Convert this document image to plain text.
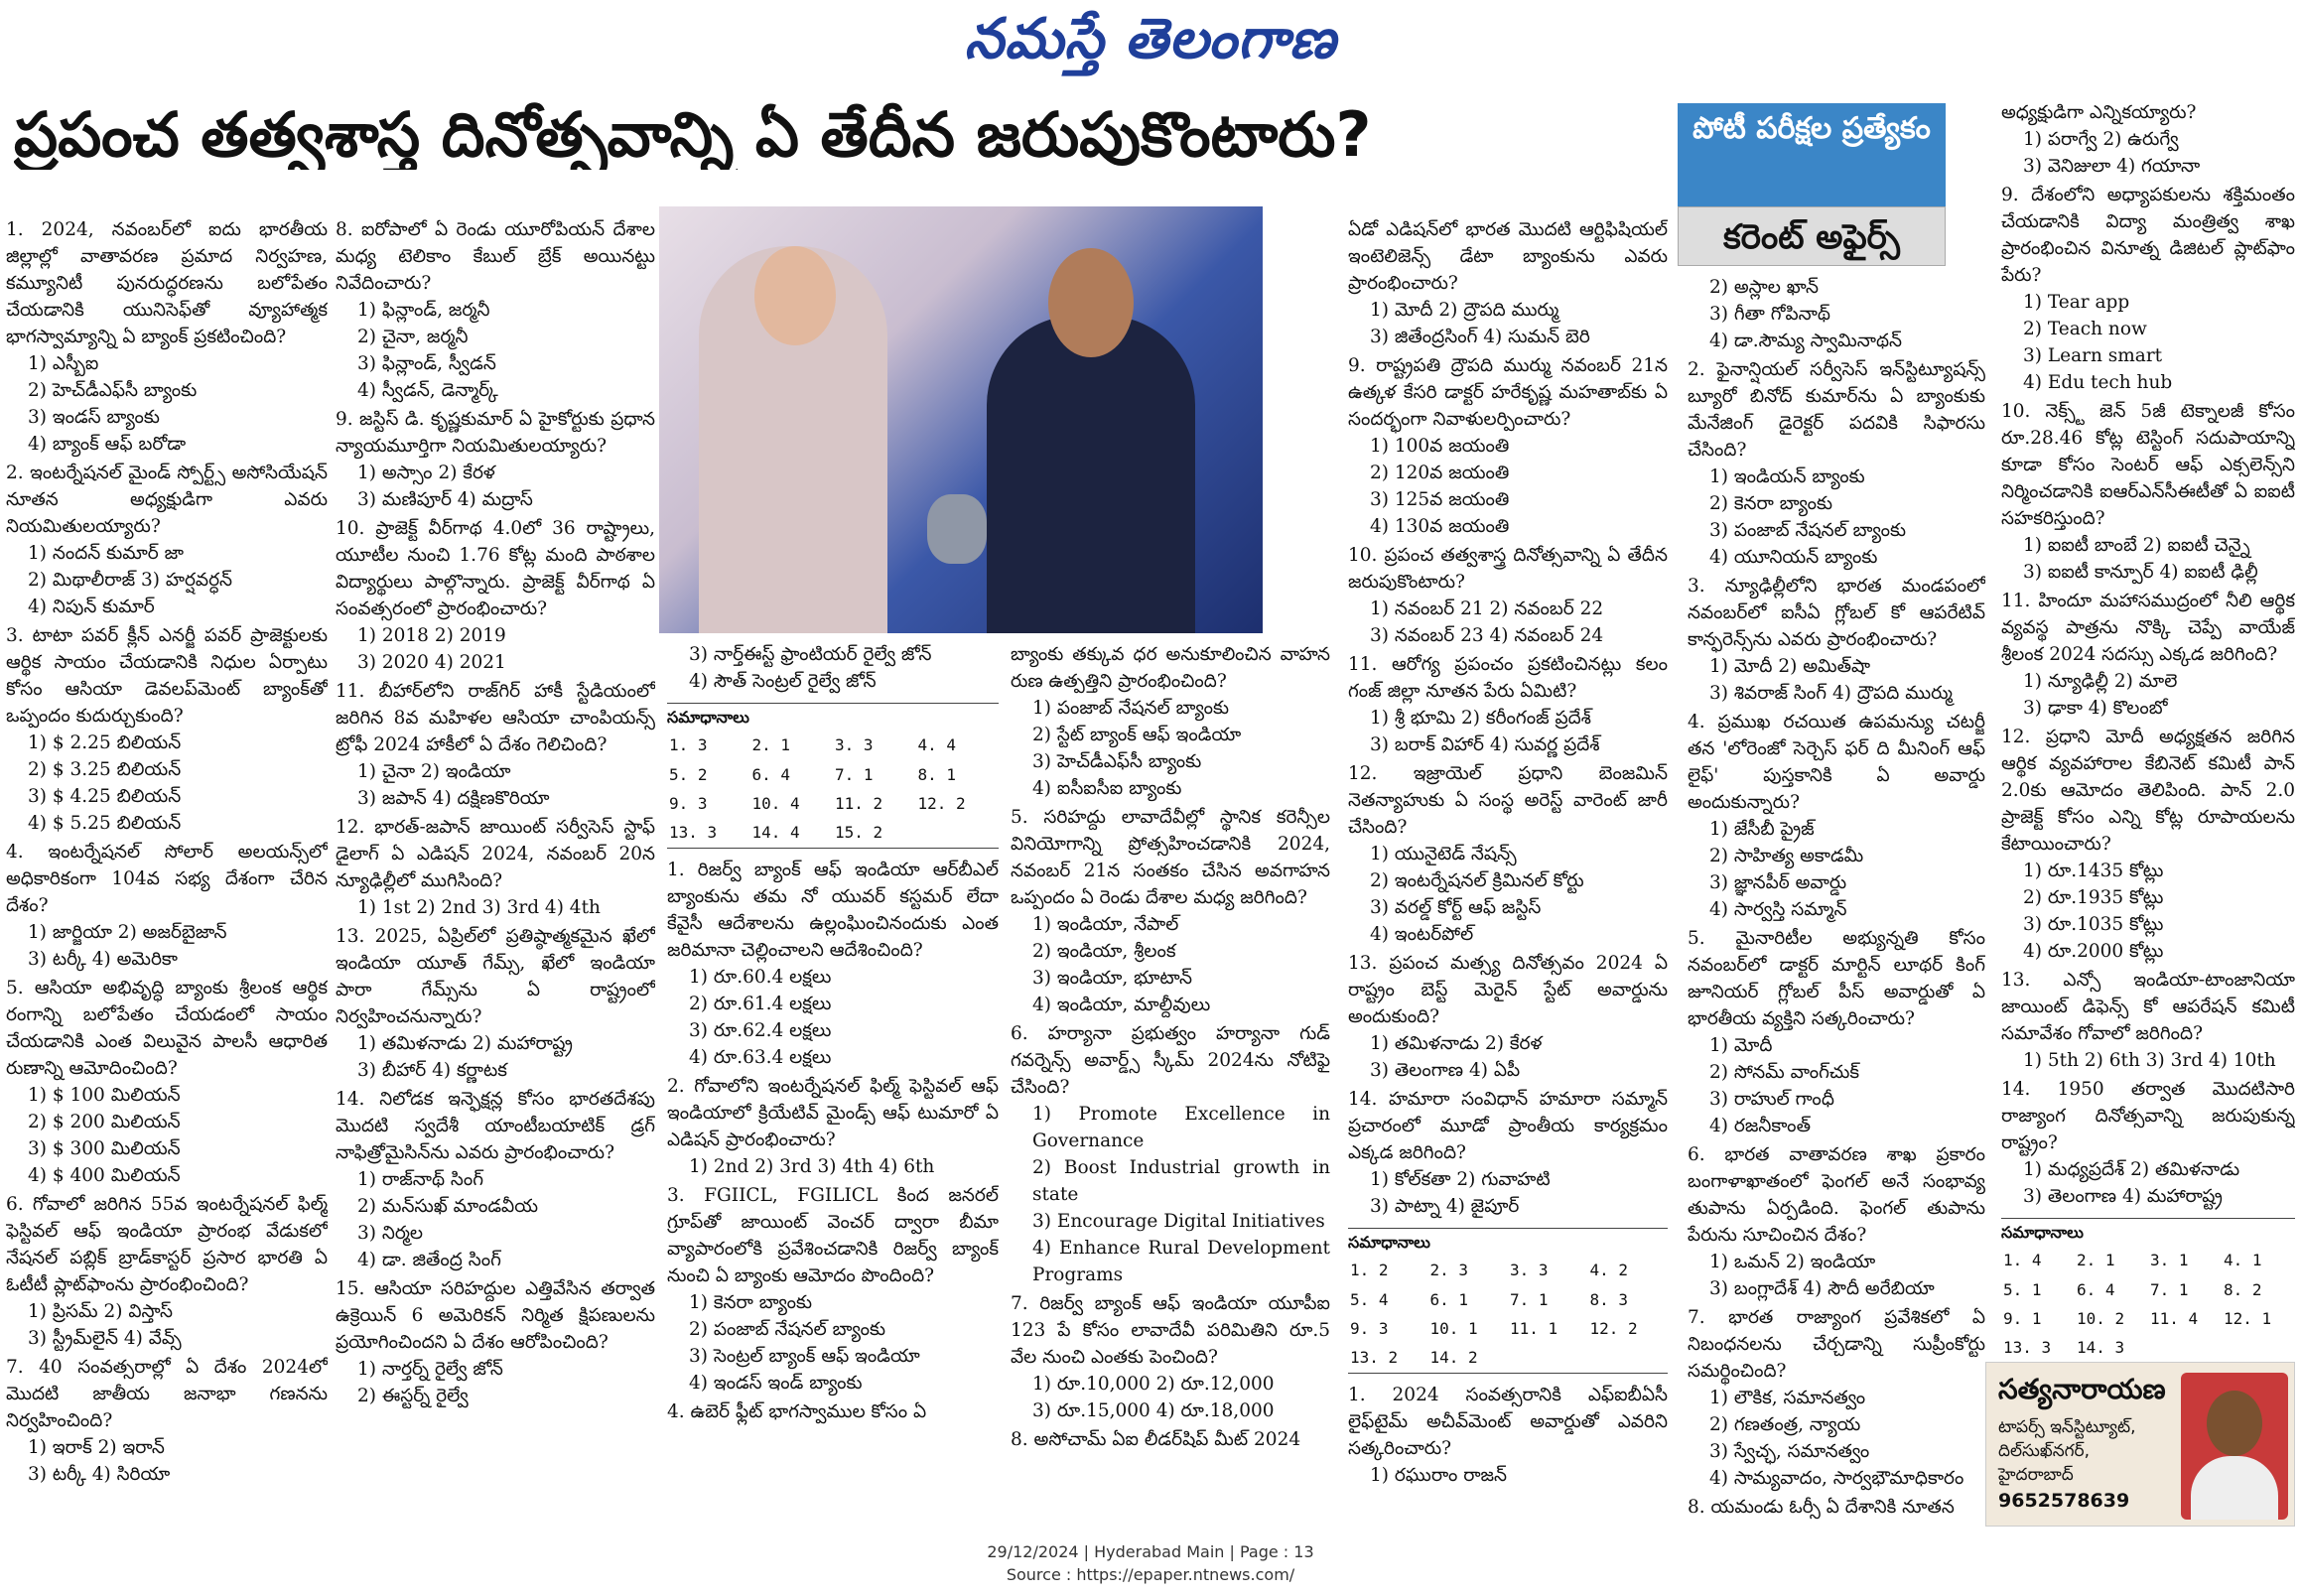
నమస్తే తెలంగాణ
ప్రపంచ తత్వశాస్త్ర దినోత్సవాన్ని ఏ తేదీన జరుపుకొంటారు?	పోటీ పరీక్షల ప్రత్యేకం
కరెంట్ అఫైర్స్
1. 2024, నవంబర్‌లో ఐదు భారతీయ జిల్లాల్లో వాతావరణ ప్రమాద నిర్వహణ, కమ్యూనిటీ పునరుద్ధరణను బలోపేతం చేయడానికి యునిసెఫ్‌తో వ్యూహాత్మక భాగస్వామ్యాన్ని ఏ బ్యాంక్ ప్రకటించింది?
1) ఎస్బీఐ
2) హెచ్‌డీఎఫ్‌సీ బ్యాంకు
3) ఇండస్ బ్యాంకు
4) బ్యాంక్ ఆఫ్ బరోడా
2. ఇంటర్నేషనల్ మైండ్ స్పోర్ట్స్ అసోసియేషన్ నూతన అధ్యక్షుడిగా ఎవరు నియమితులయ్యారు?
1) నందన్ కుమార్ జా
2) మిథాలీరాజ్ 3) హర్షవర్ధన్
4) నిపున్ కుమార్
3. టాటా పవర్ క్లీన్ ఎనర్జీ పవర్ ప్రాజెక్టులకు ఆర్థిక సాయం చేయడానికి నిధుల ఏర్పాటు కోసం ఆసియా డెవలప్‌మెంట్ బ్యాంక్‌తో ఒప్పందం కుదుర్చుకుంది?
1) $ 2.25 బిలియన్
2) $ 3.25 బిలియన్
3) $ 4.25 బిలియన్
4) $ 5.25 బిలియన్
4. ఇంటర్నేషనల్ సోలార్ అలయన్స్‌లో అధికారికంగా 104వ సభ్య దేశంగా చేరిన దేశం?
1) జార్జియా 2) అజర్‌బైజాన్
3) టర్కీ 4) అమెరికా
5. ఆసియా అభివృద్ధి బ్యాంకు శ్రీలంక ఆర్థిక రంగాన్ని బలోపేతం చేయడంలో సాయం చేయడానికి ఎంత విలువైన పాలసీ ఆధారిత రుణాన్ని ఆమోదించింది?
1) $ 100 మిలియన్
2) $ 200 మిలియన్
3) $ 300 మిలియన్
4) $ 400 మిలియన్
6. గోవాలో జరిగిన 55వ ఇంటర్నేషనల్ ఫిల్మ్ ఫెస్టివల్ ఆఫ్ ఇండియా ప్రారంభ వేడుకలో నేషనల్ పబ్లిక్ బ్రాడ్‌కాస్టర్ ప్రసార భారతి ఏ ఓటీటీ ప్లాట్‌ఫాంను ప్రారంభించింది?
1) ప్రిసమ్ 2) విస్తాస్
3) స్ట్రీమ్‌లైన్ 4) వేవ్స్
7. 40 సంవత్సరాల్లో ఏ దేశం 2024లో మొదటి జాతీయ జనాభా గణనను నిర్వహించింది?
1) ఇరాక్ 2) ఇరాన్
3) టర్కీ 4) సిరియా
8. ఐరోపాలో ఏ రెండు యూరోపియన్ దేశాల మధ్య టెలికాం కేబుల్ బ్రేక్ అయినట్టు నివేదించారు?
1) ఫిన్లాండ్, జర్మనీ
2) చైనా, జర్మనీ
3) ఫిన్లాండ్, స్వీడన్
4) స్వీడన్, డెన్మార్క్
9. జస్టిస్ డి. కృష్ణకుమార్ ఏ హైకోర్టుకు ప్రధాన న్యాయమూర్తిగా నియమితులయ్యారు?
1) అస్సాం 2) కేరళ
3) మణిపూర్ 4) మద్రాస్
10. ప్రాజెక్ట్ వీర్‌గాథ 4.0లో 36 రాష్ట్రాలు, యూటీల నుంచి 1.76 కోట్ల మంది పాఠశాల విద్యార్థులు పాల్గొన్నారు. ప్రాజెక్ట్ వీర్‌గాథ ఏ సంవత్సరంలో ప్రారంభించారు?
1) 2018 2) 2019
3) 2020 4) 2021
11. బీహార్‌లోని రాజ్‌గిర్ హాకీ స్టేడియంలో జరిగిన 8వ మహిళల ఆసియా చాంపియన్స్ ట్రోఫీ 2024 హాకీలో ఏ దేశం గెలిచింది?
1) చైనా 2) ఇండియా
3) జపాన్ 4) దక్షిణకొరియా
12. భారత్-జపాన్ జాయింట్ సర్వీసెస్ స్టాఫ్ డైలాగ్ ఏ ఎడిషన్ 2024, నవంబర్ 20న న్యూఢిల్లీలో ముగిసింది?
1) 1st 2) 2nd 3) 3rd 4) 4th
13. 2025, ఏప్రిల్‌లో ప్రతిష్ఠాత్మకమైన ఖేలో ఇండియా యూత్ గేమ్స్, ఖేలో ఇండియా పారా గేమ్స్‌ను ఏ రాష్ట్రంలో నిర్వహించనున్నారు?
1) తమిళనాడు 2) మహారాష్ట్ర
3) బీహార్ 4) కర్ణాటక
14. నిలోడక ఇన్ఫెక్షన్ల కోసం భారతదేశపు మొదటి స్వదేశీ యాంటీబయాటిక్ డ్రగ్ నాఫిత్రోమైసిన్‌ను ఎవరు ప్రారంభించారు?
1) రాజ్‌నాథ్ సింగ్
2) మన్‌సుఖ్ మాండవీయ
3) నిర్మల
4) డా. జితేంద్ర సింగ్
15. ఆసియా సరిహద్దుల ఎత్తివేసిన తర్వాత ఉక్రెయిన్ 6 అమెరికన్ నిర్మిత క్షిపణులను ప్రయోగించిందని ఏ దేశం ఆరోపించింది?
1) నార్తర్న్ రైల్వే జోన్
2) ఈస్టర్న్ రైల్వే
3) నార్త్‌ఈస్ట్ ఫ్రాంటియర్ రైల్వే జోన్
4) సౌత్ సెంట్రల్ రైల్వే జోన్
సమాధానాలు
1. 3	2. 1	3. 3	4. 4
5. 2	6. 4	7. 1	8. 1
9. 3	10. 4	11. 2	12. 2
13. 3	14. 4	15. 2	
1. రిజర్వ్ బ్యాంక్ ఆఫ్ ఇండియా ఆర్‌బీఎల్ బ్యాంకును తమ నో యువర్ కస్టమర్ లేదా కేవైసీ ఆదేశాలను ఉల్లంఘించినందుకు ఎంత జరిమానా చెల్లించాలని ఆదేశించింది?
1) రూ.60.4 లక్షలు
2) రూ.61.4 లక్షలు
3) రూ.62.4 లక్షలు
4) రూ.63.4 లక్షలు
2. గోవాలోని ఇంటర్నేషనల్ ఫిల్మ్ ఫెస్టివల్ ఆఫ్ ఇండియాలో క్రియేటివ్ మైండ్స్ ఆఫ్ టుమారో ఏ ఎడిషన్ ప్రారంభించారు?
1) 2nd 2) 3rd 3) 4th 4) 6th
3. FGIICL, FGILICL కింద జనరల్ గ్రూప్‌తో జాయింట్ వెంచర్ ద్వారా బీమా వ్యాపారంలోకి ప్రవేశించడానికి రిజర్వ్ బ్యాంక్ నుంచి ఏ బ్యాంకు ఆమోదం పొందింది?
1) కెనరా బ్యాంకు
2) పంజాబ్ నేషనల్ బ్యాంకు
3) సెంట్రల్ బ్యాంక్ ఆఫ్ ఇండియా
4) ఇండస్ ఇండ్ బ్యాంకు
4. ఉబెర్ ఫ్లీట్ భాగస్వాముల కోసం ఏ
బ్యాంకు తక్కువ ధర అనుకూలించిన వాహన రుణ ఉత్పత్తిని ప్రారంభించింది?
1) పంజాబ్ నేషనల్ బ్యాంకు
2) స్టేట్ బ్యాంక్ ఆఫ్ ఇండియా
3) హెచ్‌డీఎఫ్‌సీ బ్యాంకు
4) ఐసీఐసీఐ బ్యాంకు
5. సరిహద్దు లావాదేవీల్లో స్థానిక కరెన్సీల వినియోగాన్ని ప్రోత్సహించడానికి 2024, నవంబర్ 21న సంతకం చేసిన అవగాహన ఒప్పందం ఏ రెండు దేశాల మధ్య జరిగింది?
1) ఇండియా, నేపాల్
2) ఇండియా, శ్రీలంక
3) ఇండియా, భూటాన్
4) ఇండియా, మాల్దీవులు
6. హర్యానా ప్రభుత్వం హర్యానా గుడ్ గవర్నెన్స్ అవార్డ్స్ స్కీమ్ 2024ను నోటిఫై చేసింది?
1) Promote Excellence in Governance
2) Boost Industrial growth in state
3) Encourage Digital Initiatives
4) Enhance Rural Development Programs
7. రిజర్వ్ బ్యాంక్ ఆఫ్ ఇండియా యూపీఐ 123 పే కోసం లావాదేవీ పరిమితిని రూ.5 వేల నుంచి ఎంతకు పెంచింది?
1) రూ.10,000 2) రూ.12,000
3) రూ.15,000 4) రూ.18,000
8. అసోచామ్ ఏఐ లీడర్‌షిప్ మీట్ 2024
ఏడో ఎడిషన్‌లో భారత మొదటి ఆర్టిఫిషియల్ ఇంటెలిజెన్స్ డేటా బ్యాంకును ఎవరు ప్రారంభించారు?
1) మోదీ 2) ద్రౌపది ముర్ము
3) జితేంద్రసింగ్ 4) సుమన్ బెరి
9. రాష్ట్రపతి ద్రౌపది ముర్ము నవంబర్ 21న ఉత్కళ కేసరి డాక్టర్ హరేకృష్ణ మహతాబ్‌కు ఏ సందర్భంగా నివాళులర్పించారు?
1) 100వ జయంతి
2) 120వ జయంతి
3) 125వ జయంతి
4) 130వ జయంతి
10. ప్రపంచ తత్వశాస్త్ర దినోత్సవాన్ని ఏ తేదీన జరుపుకొంటారు?
1) నవంబర్ 21 2) నవంబర్ 22
3) నవంబర్ 23 4) నవంబర్ 24
11. ఆరోగ్య ప్రపంచం ప్రకటించినట్లు కలం గంజ్ జిల్లా నూతన పేరు ఏమిటి?
1) శ్రీ భూమి 2) కరీంగంజ్ ప్రదేశ్
3) బరాక్ విహార్ 4) సువర్ణ ప్రదేశ్
12. ఇజ్రాయెల్ ప్రధాని బెంజమిన్ నెతన్యాహుకు ఏ సంస్థ అరెస్ట్ వారెంట్ జారీ చేసింది?
1) యునైటెడ్ నేషన్స్
2) ఇంటర్నేషనల్ క్రిమినల్ కోర్టు
3) వరల్డ్ కోర్ట్ ఆఫ్ జస్టిస్
4) ఇంటర్‌పోల్
13. ప్రపంచ మత్స్య దినోత్సవం 2024 ఏ రాష్ట్రం బెస్ట్ మెరైన్ స్టేట్ అవార్డును అందుకుంది?
1) తమిళనాడు 2) కేరళ
3) తెలంగాణ 4) ఏపీ
14. హమారా సంవిధాన్ హమారా సమ్మాన్ ప్రచారంలో మూడో ప్రాంతీయ కార్యక్రమం ఎక్కడ జరిగింది?
1) కోల్‌కతా 2) గువాహటి
3) పాట్నా 4) జైపూర్
సమాధానాలు
1. 2	2. 3	3. 3	4. 2
5. 4	6. 1	7. 1	8. 3
9. 3	10. 1	11. 1	12. 2
13. 2	14. 2		
1. 2024 సంవత్సరానికి ఎఫ్ఐబీఏసీ లైఫ్‌టైమ్ అచీవ్‌మెంట్ అవార్డుతో ఎవరిని సత్కరించారు?
1) రఘురాం రాజన్
2) అస్లాల ఖాన్
3) గీతా గోపినాథ్
4) డా.సౌమ్య స్వామినాథన్
2. ఫైనాన్షియల్ సర్వీసెస్ ఇన్‌స్టిట్యూషన్స్ బ్యూరో బినోద్ కుమార్‌ను ఏ బ్యాంకుకు మేనేజింగ్ డైరెక్టర్ పదవికి సిఫారసు చేసింది?
1) ఇండియన్ బ్యాంకు
2) కెనరా బ్యాంకు
3) పంజాబ్ నేషనల్ బ్యాంకు
4) యూనియన్ బ్యాంకు
3. న్యూఢిల్లీలోని భారత మండపంలో నవంబర్‌లో ఐసీఏ గ్లోబల్ కో ఆపరేటివ్ కాన్ఫరెన్స్‌ను ఎవరు ప్రారంభించారు?
1) మోదీ 2) అమిత్‌షా
3) శివరాజ్ సింగ్ 4) ద్రౌపది ముర్ము
4. ప్రముఖ రచయిత ఉపమన్యు చటర్జీ తన 'లోరెంజో సెర్చెస్ ఫర్ ది మీనింగ్ ఆఫ్ లైఫ్' పుస్తకానికి ఏ అవార్డు అందుకున్నారు?
1) జేసీబీ ప్రైజ్
2) సాహిత్య అకాడమీ
3) జ్ఞానపీఠ్ అవార్డు
4) సార్వస్తి సమ్మాన్
5. మైనారిటీల అభ్యున్నతి కోసం నవంబర్‌లో డాక్టర్ మార్టిన్ లూథర్ కింగ్ జూనియర్ గ్లోబల్ పీస్ అవార్డుతో ఏ భారతీయ వ్యక్తిని సత్కరించారు?
1) మోదీ
2) సోనమ్ వాంగ్‌చుక్
3) రాహుల్ గాంధీ
4) రజనీకాంత్
6. భారత వాతావరణ శాఖ ప్రకారం బంగాళాఖాతంలో ఫెంగల్ అనే సంభావ్య తుపాను ఏర్పడింది. ఫెంగల్ తుపాను పేరును సూచించిన దేశం?
1) ఒమన్ 2) ఇండియా
3) బంగ్లాదేశ్ 4) సౌదీ అరేబియా
7. భారత రాజ్యాంగ ప్రవేశికలో ఏ నిబంధనలను చేర్చడాన్ని సుప్రీంకోర్టు సమర్థించింది?
1) లౌకిక, సమానత్వం
2) గణతంత్ర, న్యాయ
3) స్వేచ్ఛ, సమానత్వం
4) సామ్యవాదం, సార్వభౌమాధికారం
8. యమండు ఓర్సీ ఏ దేశానికి నూతన
అధ్యక్షుడిగా ఎన్నికయ్యారు?
1) పరాగ్వే 2) ఉరుగ్వే
3) వెనిజులా 4) గయానా
9. దేశంలోని అధ్యాపకులను శక్తిమంతం చేయడానికి విద్యా మంత్రిత్వ శాఖ ప్రారంభించిన వినూత్న డిజిటల్ ప్లాట్‌ఫాం పేరు?
1) Tear app
2) Teach now
3) Learn smart
4) Edu tech hub
10. నెక్స్ట్ జెన్ 5జీ టెక్నాలజీ కోసం రూ.28.46 కోట్ల టెస్టింగ్ సదుపాయాన్ని కూడా కోసం సెంటర్ ఆఫ్ ఎక్సలెన్స్‌ని నిర్మించడానికి ఐఆర్ఎన్‌సీఈటీతో ఏ ఐఐటీ సహకరిస్తుంది?
1) ఐఐటీ బాంబే 2) ఐఐటీ చెన్నై
3) ఐఐటీ కాన్పూర్ 4) ఐఐటీ ఢిల్లీ
11. హిందూ మహాసముద్రంలో నీలి ఆర్థిక వ్యవస్థ పాత్రను నొక్కి చెప్పే వాయేజ్ శ్రీలంక 2024 సదస్సు ఎక్కడ జరిగింది?
1) న్యూఢిల్లీ 2) మాలె
3) ఢాకా 4) కొలంబో
12. ప్రధాని మోదీ అధ్యక్షతన జరిగిన ఆర్థిక వ్యవహారాల కేబినెట్ కమిటీ పాన్ 2.0కు ఆమోదం తెలిపింది. పాన్ 2.0 ప్రాజెక్ట్ కోసం ఎన్ని కోట్ల రూపాయలను కేటాయించారు?
1) రూ.1435 కోట్లు
2) రూ.1935 కోట్లు
3) రూ.1035 కోట్లు
4) రూ.2000 కోట్లు
13. ఎన్సో ఇండియా-టాంజానియా జాయింట్ డిఫెన్స్ కో ఆపరేషన్ కమిటీ సమావేశం గోవాలో జరిగింది?
1) 5th 2) 6th 3) 3rd 4) 10th
14. 1950 తర్వాత మొదటిసారి రాజ్యాంగ దినోత్సవాన్ని జరుపుకున్న రాష్ట్రం?
1) మధ్యప్రదేశ్ 2) తమిళనాడు
3) తెలంగాణ 4) మహారాష్ట్ర
సమాధానాలు
1. 4	2. 1	3. 1	4. 1
5. 1	6. 4	7. 1	8. 2
9. 1	10. 2	11. 4	12. 1
13. 3	14. 3		
సత్యనారాయణ
టాపర్స్ ఇన్‌స్టిట్యూట్, దిల్‌సుఖ్‌నగర్, హైదరాబాద్
9652578639
29/12/2024 | Hyderabad Main | Page : 13
Source : https://epaper.ntnews.com/
